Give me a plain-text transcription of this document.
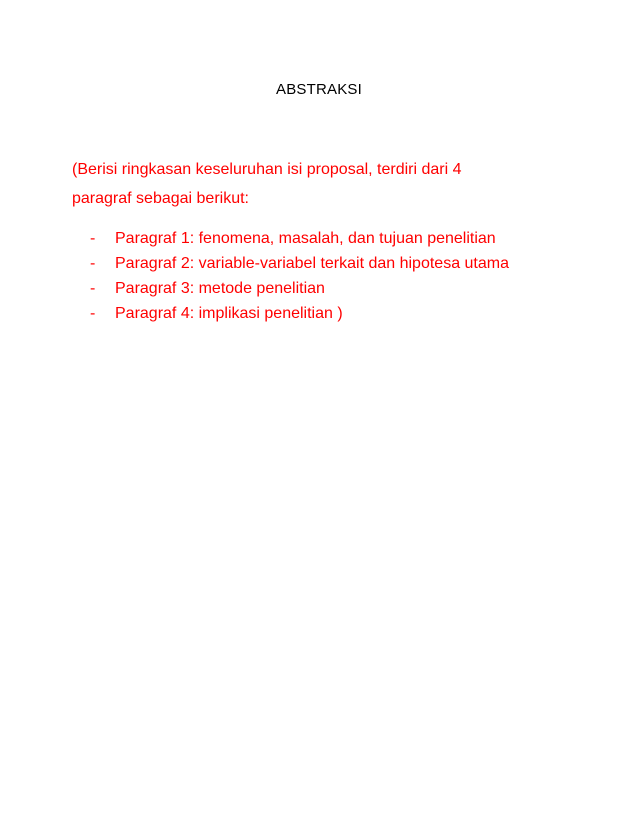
ABSTRAKSI

(Berisi ringkasan keseluruhan isi proposal, terdiri dari 4

paragraf sebagai berikut:

- Paragraf 1: fenomena, masalah, dan tujuan penelitian
- Paragraf 2: variable-variabel terkait dan hipotesa utama
- Paragraf 3: metode penelitian
- Paragraf 4: implikasi penelitian )
